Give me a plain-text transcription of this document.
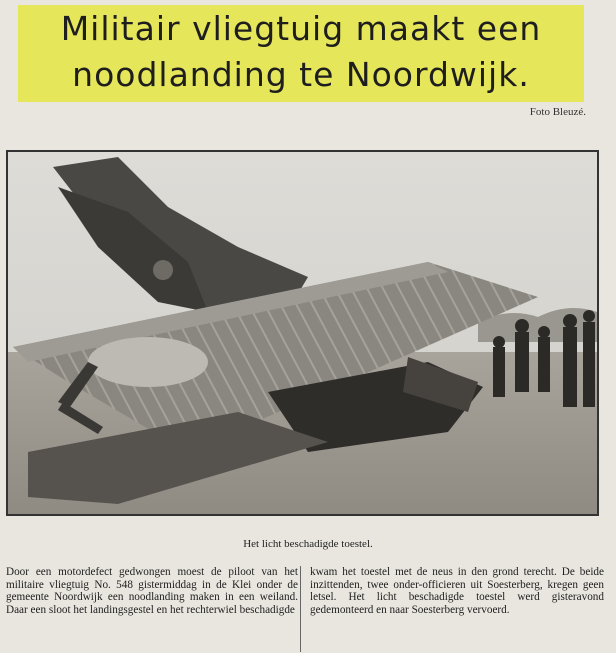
Militair vliegtuig maakt een
noodlanding te Noordwijk.
Foto Bleuzé.
Het licht beschadigde toestel.
Door een motordefect gedwongen moest de piloot van het militaire vliegtuig No. 548 gistermiddag in de Klei onder de gemeente Noordwijk een noodlanding maken in een weiland. Daar een sloot het landingsgestel en het rechterwiel beschadigde
kwam het toestel met de neus in den grond terecht. De beide inzittenden, twee onder-officieren uit Soesterberg, kregen geen letsel. Het licht beschadigde toestel werd gisteravond gedemonteerd en naar Soesterberg vervoerd.
